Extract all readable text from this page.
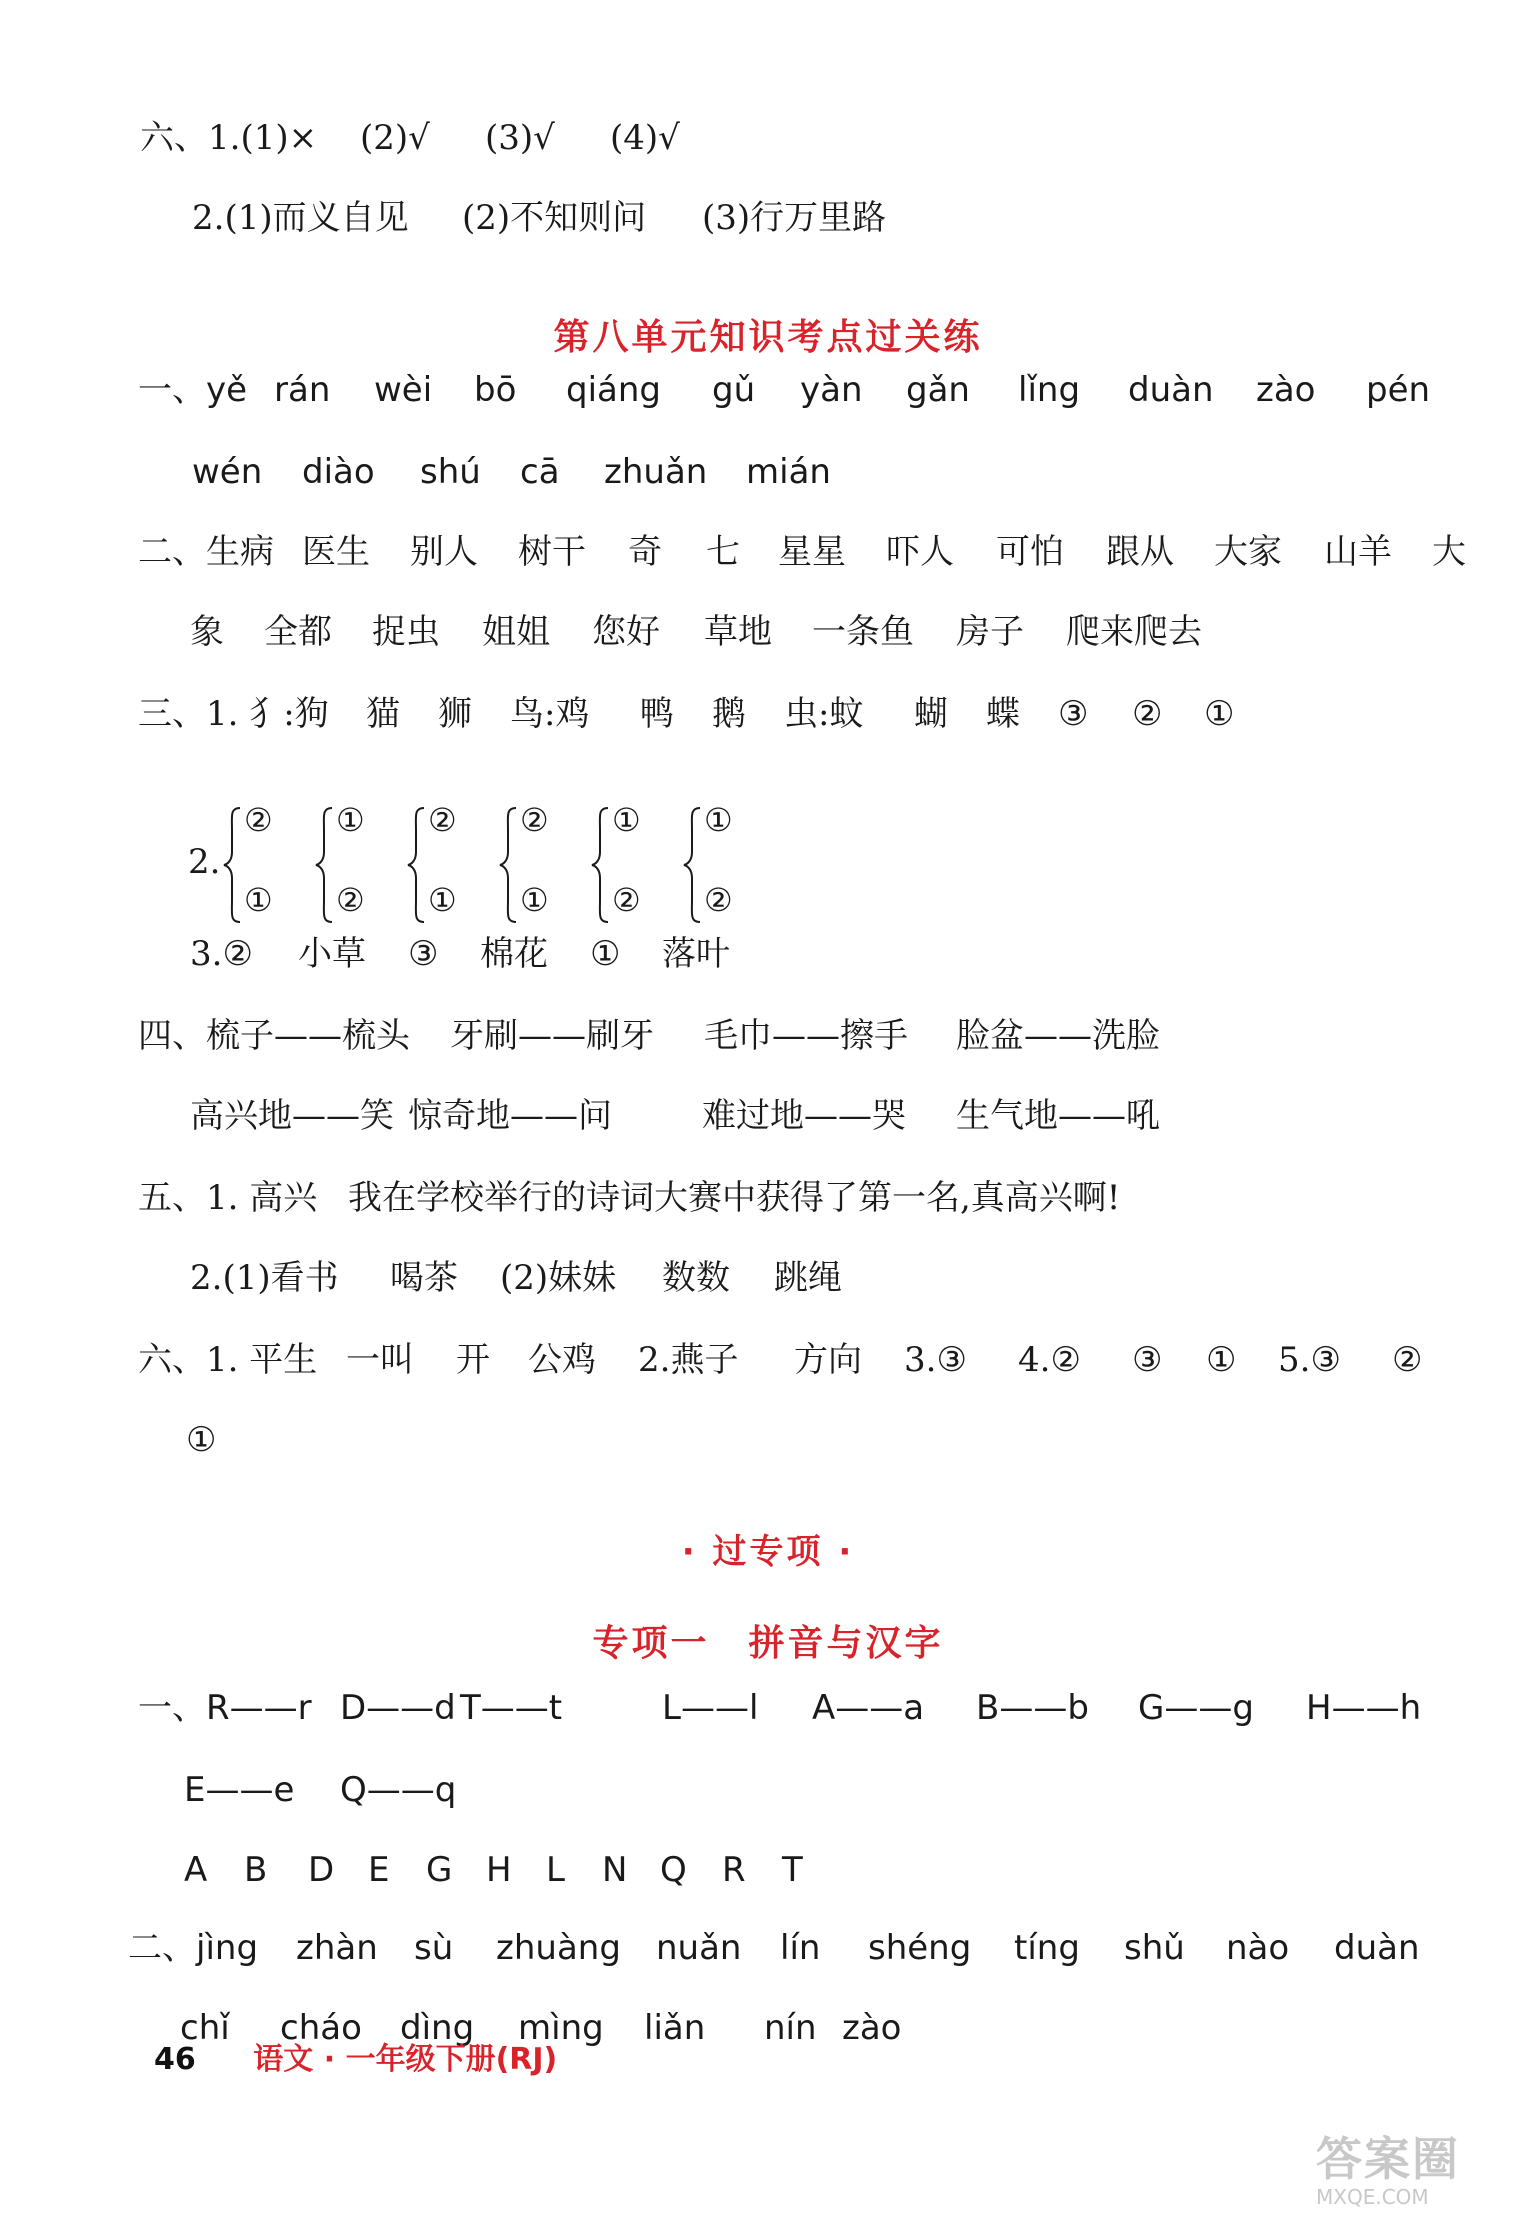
六、1.(1)× (2)√ (3)√ (4)√
2.(1)而义自见 (2)不知则问 (3)行万里路
一、yě rán wèi bō qiáng gǔ yàn gǎn lǐng duàn zào pén
wén diào shú cā zhuǎn mián
二、生病 医生 别人 树干 奇 七 星星 吓人 可怕 跟从 大家 山羊 大
象 全都 捉虫 姐姐 您好 草地 一条鱼 房子 爬来爬去
三、1. 犭:狗 猫 狮 鸟:鸡 鸭 鹅 虫:蚊 蝴 蝶 ③ ② ①
3.② 小草 ③ 棉花 ① 落叶
四、梳子——梳头 牙刷——刷牙 毛巾——擦手 脸盆——洗脸
高兴地——笑 惊奇地——问	难过地——哭 生气地——吼
五、1. 高兴 我在学校举行的诗词大赛中获得了第一名,真高兴啊!
2.(1)看书 喝茶 (2)妹妹 数数 跳绳
六、1. 平生 一叫 开 公鸡 2.燕子 方向 3.③ 4.② ③ ① 5.③ ②
①
一、R——r D——d T——t	L——l A——a B——b G——g H——h
E——e Q——q
A B D E G H L N Q R T
二、jìng zhàn sù zhuàng nuǎn lín shéng tíng shǔ nào duàn
chǐ cháo dìng mìng liǎn nín zào
第八单元知识考点过关练
· 过专项 ·
专项一　拼音与汉字
2.
②
①
①
②
②
①
②
①
①
②
①
②
46 语文 · 一年级下册(RJ)
答案圈
MXQE.COM
